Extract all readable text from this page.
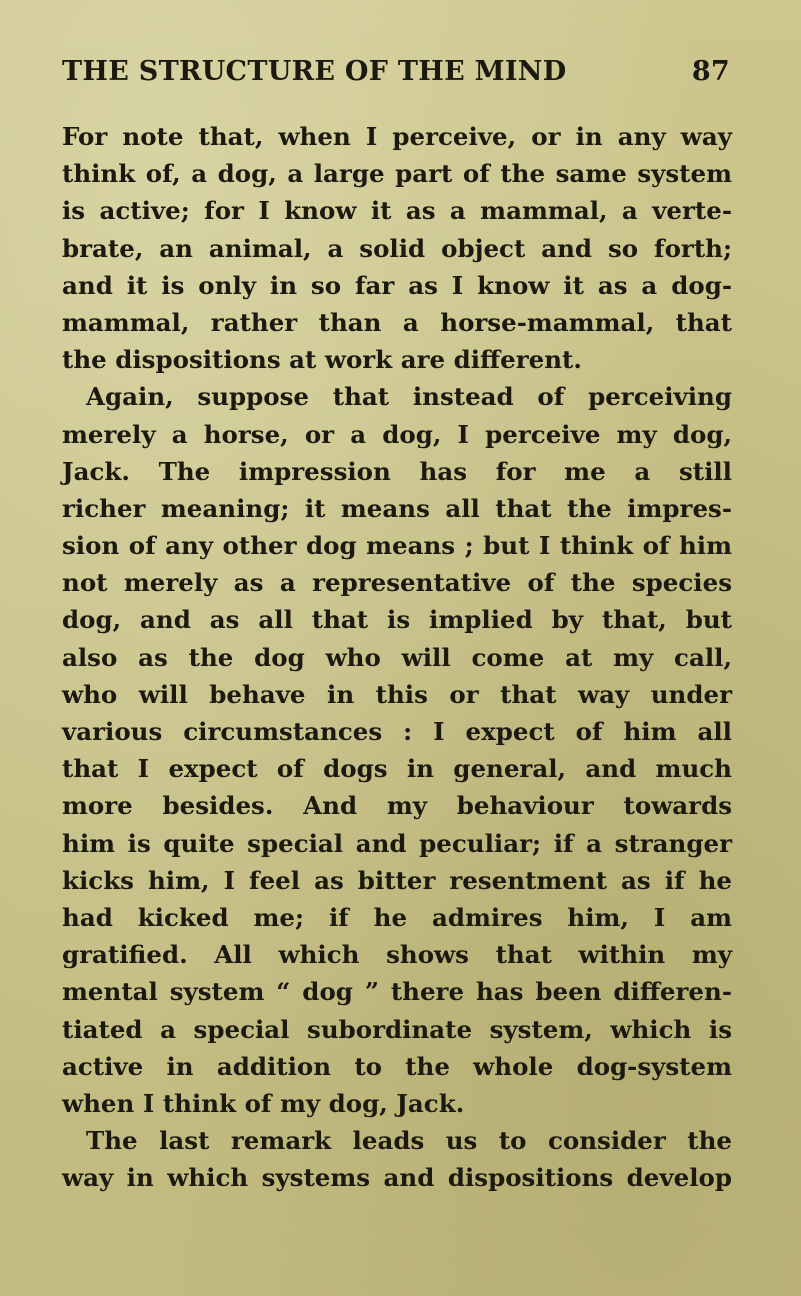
THE STRUCTURE OF THE MIND	87
For note that, when I perceive, or in any way
think of, a dog, a large part of the same system
is active; for I know it as a mammal, a verte-
brate, an animal, a solid object and so forth;
and it is only in so far as I know it as a dog-
mammal, rather than a horse-mammal, that
the dispositions at work are different.
Again, suppose that instead of perceiving
merely a horse, or a dog, I perceive my dog,
Jack. The impression has for me a still
richer meaning; it means all that the impres-
sion of any other dog means ; but I think of him
not merely as a representative of the species
dog, and as all that is implied by that, but
also as the dog who will come at my call,
who will behave in this or that way under
various circumstances : I expect of him all
that I expect of dogs in general, and much
more besides. And my behaviour towards
him is quite special and peculiar; if a stranger
kicks him, I feel as bitter resentment as if he
had kicked me; if he admires him, I am
gratified. All which shows that within my
mental system “ dog ” there has been differen-
tiated a special subordinate system, which is
active in addition to the whole dog-system
when I think of my dog, Jack.
The last remark leads us to consider the
way in which systems and dispositions develop
